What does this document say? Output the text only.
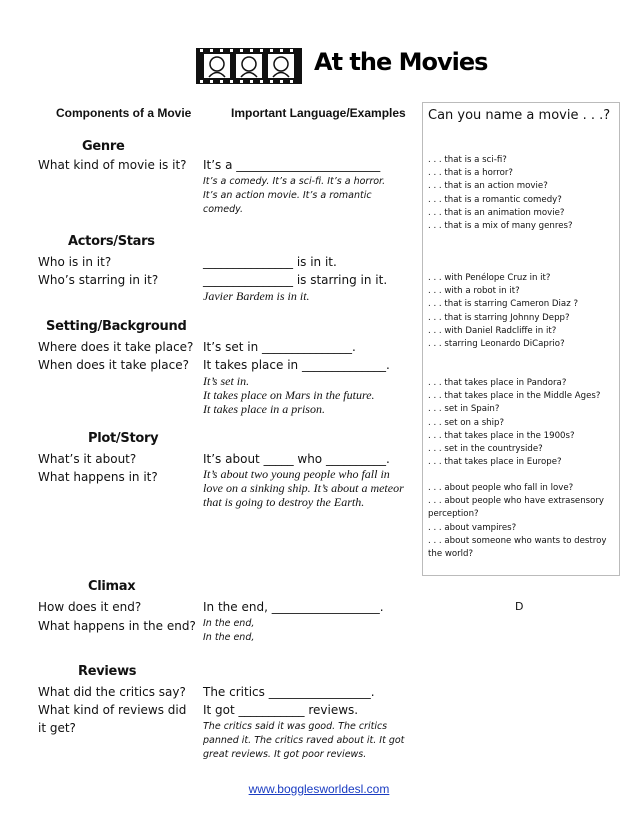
At the Movies
Components of a Movie	Important Language/Examples Can you name a movie . . .?
Genre
What kind of movie is it? It’s a ________________________
It’s a comedy. It’s a sci-fi. It’s a horror.
It’s an action movie. It’s a romantic
comedy.
. . . that is a sci-fi?
. . . that is a horror?
. . . that is an action movie?
. . . that is a romantic comedy?
. . . that is an animation movie?
. . . that is a mix of many genres?
Actors/Stars
Who is in it?
Who’s starring in it?
_______________ is in it.
_______________ is starring in it.
Javier Bardem is in it.
. . . with Penélope Cruz in it?
. . . with a robot in it?
. . . that is starring Cameron Diaz ?
. . . that is starring Johnny Depp?
. . . with Daniel Radcliffe in it?
. . . starring Leonardo DiCaprio?
Setting/Background
Where does it take place?
When does it take place?
It’s set in _______________.
It takes place in ______________.
It’s set in.
It takes place on Mars in the future.
It takes place in a prison.
. . . that takes place in Pandora?
. . . that takes place in the Middle Ages?
. . . set in Spain?
. . . set on a ship?
. . . that takes place in the 1900s?
. . . set in the countryside?
. . . that takes place in Europe?
Plot/Story
What’s it about?
What happens in it?
It’s about _____ who __________.
It’s about two young people who fall in
love on a sinking ship. It’s about a meteor
that is going to destroy the Earth.
. . . about people who fall in love?
. . . about people who have extrasensory perception?
. . . about vampires?
. . . about someone who wants to destroy the world?
Climax
How does it end?
What happens in the end?
In the end, __________________.
In the end,
In the end,
D
Reviews
What did the critics say?
What kind of reviews did
it get?
The critics _________________.
It got ___________ reviews.
The critics said it was good. The critics
panned it. The critics raved about it. It got
great reviews. It got poor reviews.
www.bogglesworldesl.com
